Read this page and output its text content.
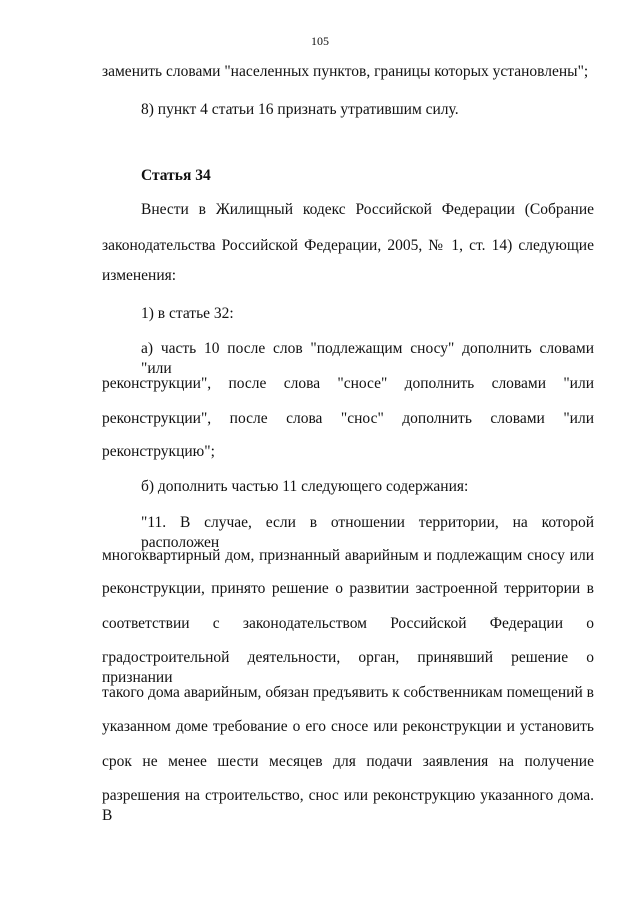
105
заменить словами "населенных пунктов, границы которых установлены";
8) пункт 4 статьи 16 признать утратившим силу.
Статья 34
Внести в Жилищный кодекс Российской Федерации (Собрание
законодательства Российской Федерации, 2005, № 1, ст. 14) следующие
изменения:
1) в статье 32:
а) часть 10 после слов "подлежащим сносу" дополнить словами "или
реконструкции", после слова "сносе" дополнить словами "или
реконструкции", после слова "снос" дополнить словами "или
реконструкцию";
б) дополнить частью 11 следующего содержания:
"11. В случае, если в отношении территории, на которой расположен
многоквартирный дом, признанный аварийным и подлежащим сносу или
реконструкции, принято решение о развитии застроенной территории в
соответствии с законодательством Российской Федерации о
градостроительной деятельности, орган, принявший решение о признании
такого дома аварийным, обязан предъявить к собственникам помещений в
указанном доме требование о его сносе или реконструкции и установить
срок не менее шести месяцев для подачи заявления на получение
разрешения на строительство, снос или реконструкцию указанного дома. В
